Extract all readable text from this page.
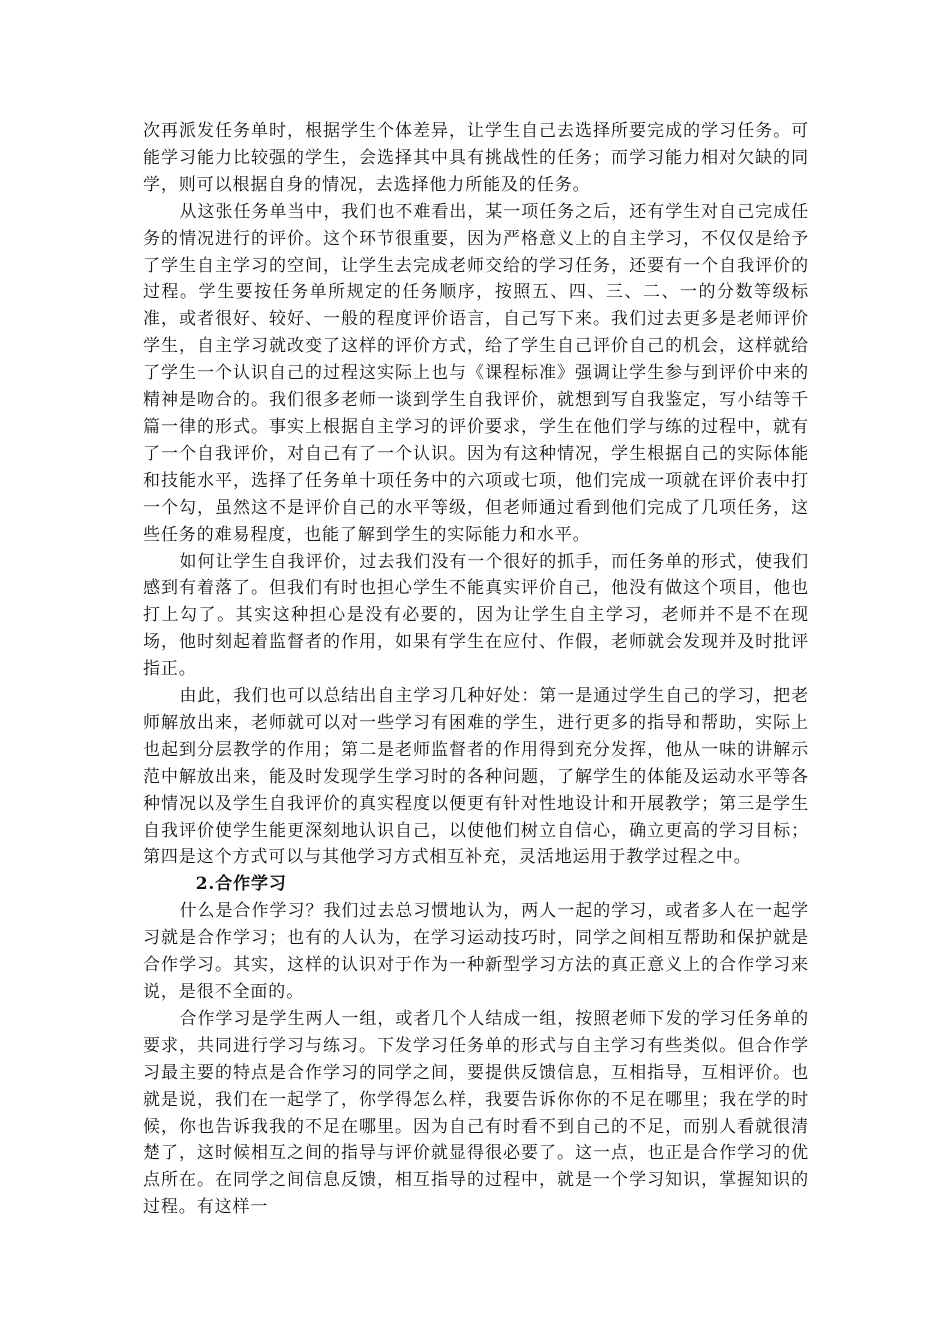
次再派发任务单时，根据学生个体差异，让学生自己去选择所要完成的学习任务。可能学习能力比较强的学生，会选择其中具有挑战性的任务；而学习能力相对欠缺的同学，则可以根据自身的情况，去选择他力所能及的任务。

从这张任务单当中，我们也不难看出，某一项任务之后，还有学生对自己完成任务的情况进行的评价。这个环节很重要，因为严格意义上的自主学习，不仅仅是给予了学生自主学习的空间，让学生去完成老师交给的学习任务，还要有一个自我评价的过程。学生要按任务单所规定的任务顺序，按照五、四、三、二、一的分数等级标准，或者很好、较好、一般的程度评价语言，自己写下来。我们过去更多是老师评价学生，自主学习就改变了这样的评价方式，给了学生自己评价自己的机会，这样就给了学生一个认识自己的过程这实际上也与《课程标准》强调让学生参与到评价中来的精神是吻合的。我们很多老师一谈到学生自我评价，就想到写自我鉴定，写小结等千篇一律的形式。事实上根据自主学习的评价要求，学生在他们学与练的过程中，就有了一个自我评价，对自己有了一个认识。因为有这种情况，学生根据自己的实际体能和技能水平，选择了任务单十项任务中的六项或七项，他们完成一项就在评价表中打一个勾，虽然这不是评价自己的水平等级，但老师通过看到他们完成了几项任务，这些任务的难易程度，也能了解到学生的实际能力和水平。

如何让学生自我评价，过去我们没有一个很好的抓手，而任务单的形式，使我们感到有着落了。但我们有时也担心学生不能真实评价自己，他没有做这个项目，他也打上勾了。其实这种担心是没有必要的，因为让学生自主学习，老师并不是不在现场，他时刻起着监督者的作用，如果有学生在应付、作假，老师就会发现并及时批评指正。

由此，我们也可以总结出自主学习几种好处：第一是通过学生自己的学习，把老师解放出来，老师就可以对一些学习有困难的学生，进行更多的指导和帮助，实际上也起到分层教学的作用；第二是老师监督者的作用得到充分发挥，他从一味的讲解示范中解放出来，能及时发现学生学习时的各种问题，了解学生的体能及运动水平等各种情况以及学生自我评价的真实程度以便更有针对性地设计和开展教学；第三是学生自我评价使学生能更深刻地认识自己，以使他们树立自信心，确立更高的学习目标；第四是这个方式可以与其他学习方式相互补充，灵活地运用于教学过程之中。

2.合作学习

什么是合作学习？我们过去总习惯地认为，两人一起的学习，或者多人在一起学习就是合作学习；也有的人认为，在学习运动技巧时，同学之间相互帮助和保护就是合作学习。其实，这样的认识对于作为一种新型学习方法的真正意义上的合作学习来说，是很不全面的。

合作学习是学生两人一组，或者几个人结成一组，按照老师下发的学习任务单的要求，共同进行学习与练习。下发学习任务单的形式与自主学习有些类似。但合作学习最主要的特点是合作学习的同学之间，要提供反馈信息，互相指导，互相评价。也就是说，我们在一起学了，你学得怎么样，我要告诉你你的不足在哪里；我在学的时候，你也告诉我我的不足在哪里。因为自己有时看不到自己的不足，而别人看就很清楚了，这时候相互之间的指导与评价就显得很必要了。这一点，也正是合作学习的优点所在。在同学之间信息反馈，相互指导的过程中，就是一个学习知识，掌握知识的过程。有这样一
